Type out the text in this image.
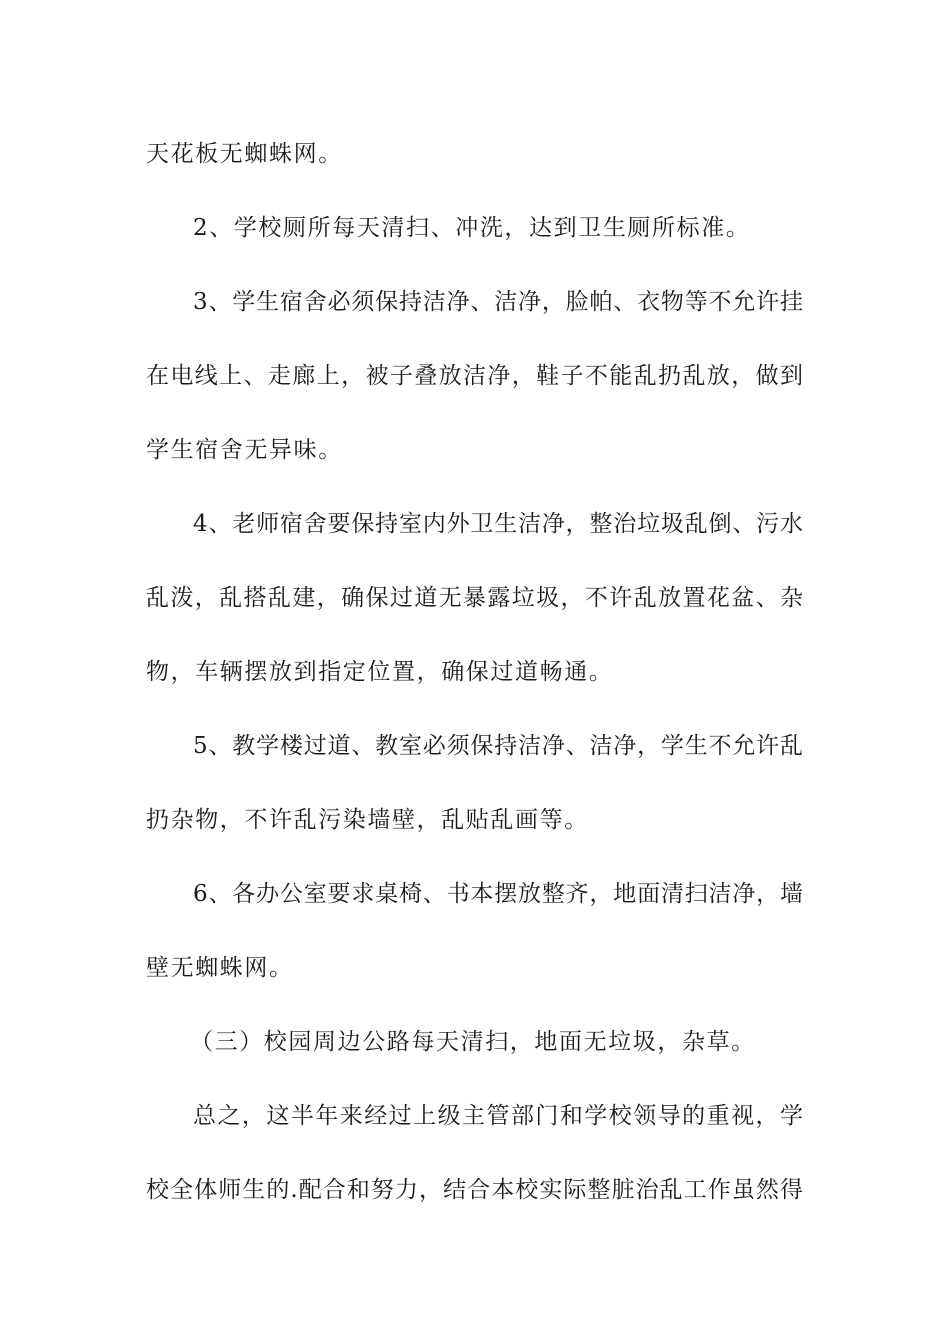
天花板无蜘蛛网。

2、学校厕所每天清扫、冲洗，达到卫生厕所标准。

3、学生宿舍必须保持洁净、洁净，脸帕、衣物等不允许挂

在电线上、走廊上，被子叠放洁净，鞋子不能乱扔乱放，做到

学生宿舍无异味。

4、老师宿舍要保持室内外卫生洁净，整治垃圾乱倒、污水

乱泼，乱搭乱建，确保过道无暴露垃圾，不许乱放置花盆、杂

物，车辆摆放到指定位置，确保过道畅通。

5、教学楼过道、教室必须保持洁净、洁净，学生不允许乱

扔杂物，不许乱污染墙壁，乱贴乱画等。

6、各办公室要求桌椅、书本摆放整齐，地面清扫洁净，墙

壁无蜘蛛网。

（三）校园周边公路每天清扫，地面无垃圾，杂草。

总之，这半年来经过上级主管部门和学校领导的重视，学

校全体师生的.配合和努力，结合本校实际整脏治乱工作虽然得
